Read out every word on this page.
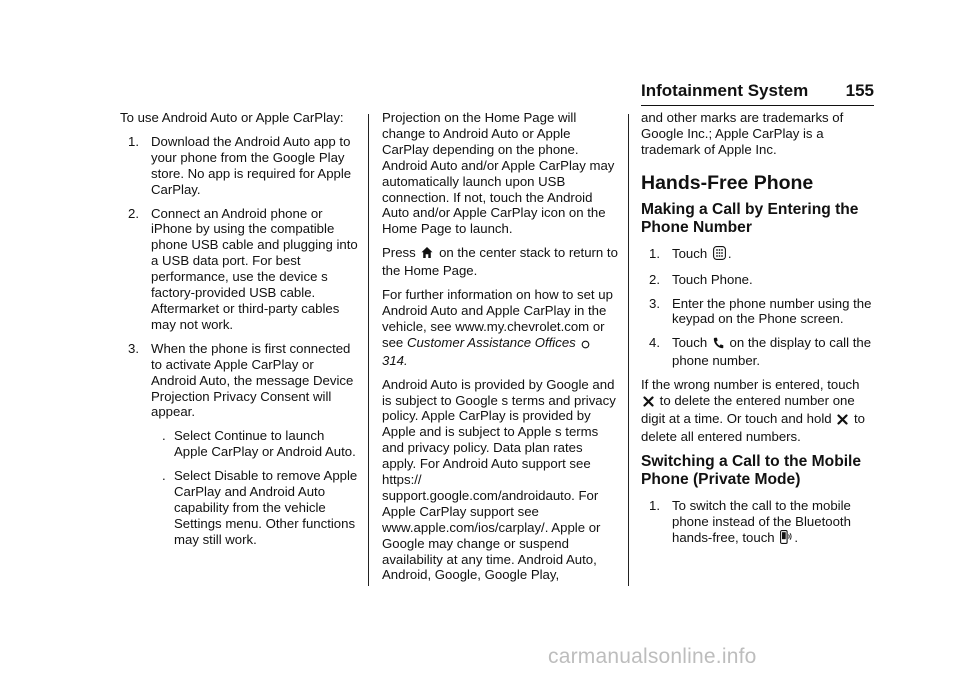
Infotainment System 155

To use Android Auto or Apple CarPlay:

1. Download the Android Auto app to your phone from the Google Play store. No app is required for Apple CarPlay.
2. Connect an Android phone or iPhone by using the compatible phone USB cable and plugging into a USB data port. For best performance, use the device s factory-provided USB cable. Aftermarket or third-party cables may not work.
3. When the phone is first connected to activate Apple CarPlay or Android Auto, the message Device Projection Privacy Consent will appear.
. Select Continue to launch Apple CarPlay or Android Auto.
. Select Disable to remove Apple CarPlay and Android Auto capability from the vehicle Settings menu. Other functions may still work.

Projection on the Home Page will change to Android Auto or Apple CarPlay depending on the phone. Android Auto and/or Apple CarPlay may automatically launch upon USB connection. If not, touch the Android Auto and/or Apple CarPlay icon on the Home Page to launch.

Press on the center stack to return to the Home Page.

For further information on how to set up Android Auto and Apple CarPlay in the vehicle, see www.my.chevrolet.com or see Customer Assistance Offices 314.

Android Auto is provided by Google and is subject to Google s terms and privacy policy. Apple CarPlay is provided by Apple and is subject to Apple s terms and privacy policy. Data plan rates apply. For Android Auto support see https:// support.google.com/androidauto. For Apple CarPlay support see www.apple.com/ios/carplay/. Apple or Google may change or suspend availability at any time. Android Auto, Android, Google, Google Play,

and other marks are trademarks of Google Inc.; Apple CarPlay is a trademark of Apple Inc.

Hands-Free Phone
Making a Call by Entering the Phone Number
1. Touch .
2. Touch Phone.
3. Enter the phone number using the keypad on the Phone screen.
4. Touch on the display to call the phone number.

If the wrong number is entered, touch  to delete the entered number one digit at a time. Or touch and hold to delete all entered numbers.

Switching a Call to the Mobile Phone (Private Mode)
1. To switch the call to the mobile phone instead of the Bluetooth hands-free, touch .
carmanualsonline.info
